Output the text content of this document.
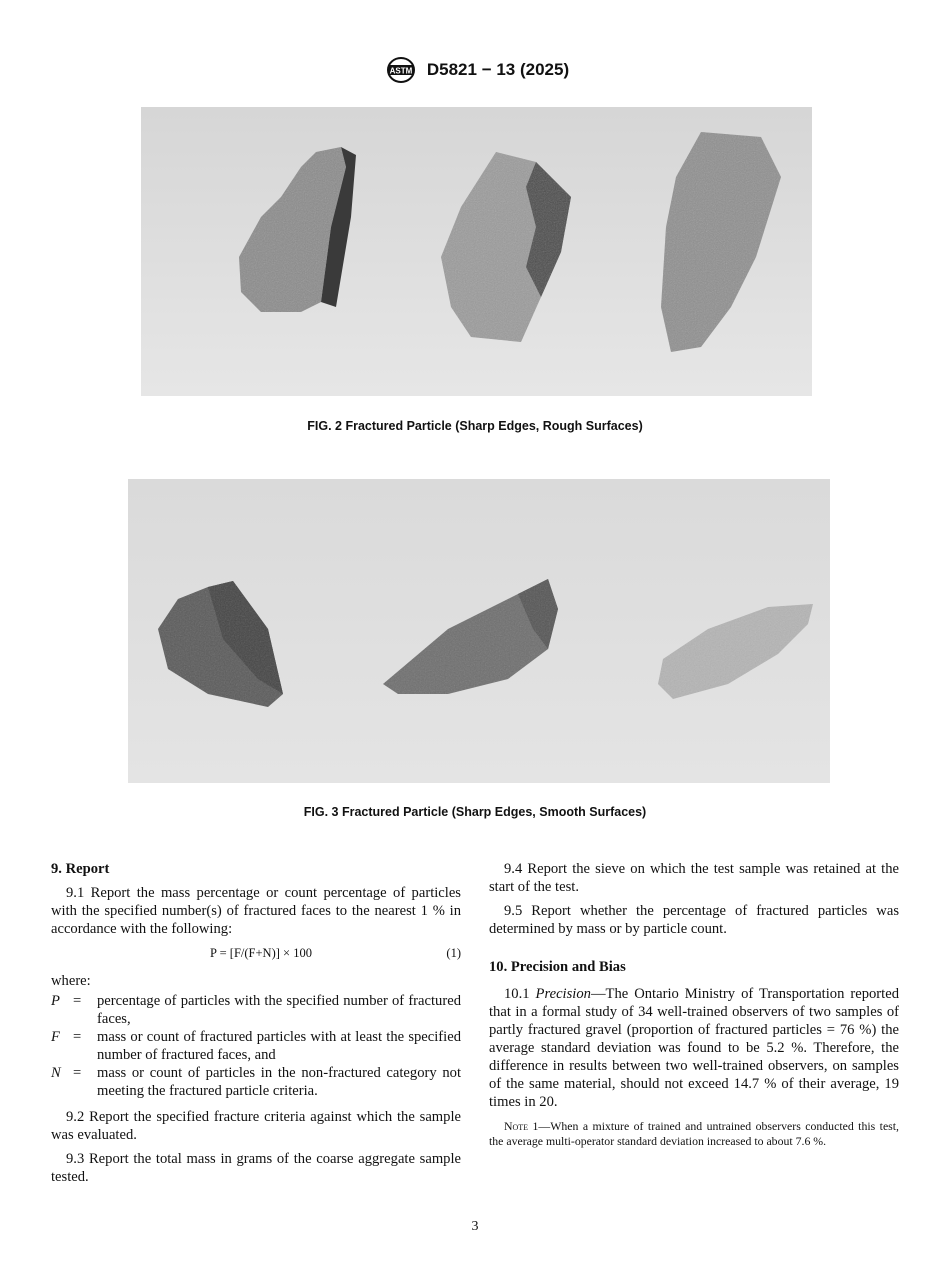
ASTM D5821 − 13 (2025)
FIG. 2 Fractured Particle (Sharp Edges, Rough Surfaces)
FIG. 3 Fractured Particle (Sharp Edges, Smooth Surfaces)
9. Report

9.1 Report the mass percentage or count percentage of particles with the specified number(s) of fractured faces to the nearest 1 % in accordance with the following:

P = [F/(F+N)] × 100	(1)

where:

P =	percentage of particles with the specified number of fractured faces,
F =	mass or count of fractured particles with at least the specified number of fractured faces, and
N =	mass or count of particles in the non-fractured category not meeting the fractured particle criteria.

9.2 Report the specified fracture criteria against which the sample was evaluated.

9.3 Report the total mass in grams of the coarse aggregate sample tested.

9.4 Report the sieve on which the test sample was retained at the start of the test.

9.5 Report whether the percentage of fractured particles was determined by mass or by particle count.

10. Precision and Bias

10.1 Precision—The Ontario Ministry of Transportation reported that in a formal study of 34 well-trained observers of two samples of partly fractured gravel (proportion of fractured particles = 76 %) the average standard deviation was found to be 5.2 %. Therefore, the difference in results between two well-trained observers, on samples of the same material, should not exceed 14.7 % of their average, 19 times in 20.

Note 1—When a mixture of trained and untrained observers conducted this test, the average multi-operator standard deviation increased to about 7.6 %.

3
